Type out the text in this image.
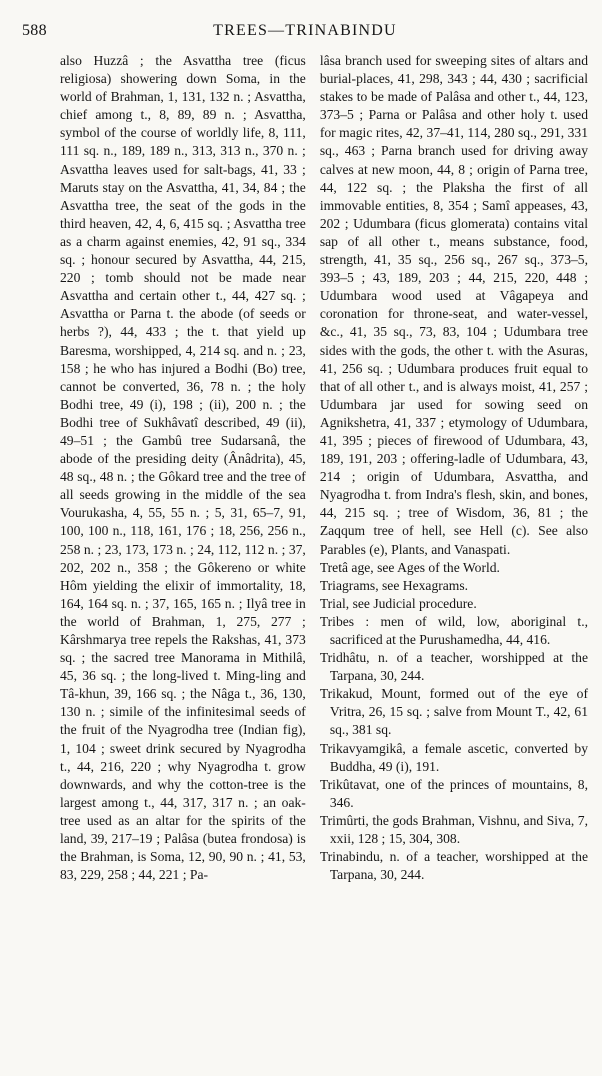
588	TREES—TRINABINDU

also Huzzâ ; the Asvattha tree (ficus religiosa) showering down Soma, in the world of Brahman, 1, 131, 132 n. ; Asvattha, chief among t., 8, 89, 89 n. ; Asvattha, symbol of the course of worldly life, 8, 111, 111 sq. n., 189, 189 n., 313, 313 n., 370 n. ; Asvattha leaves used for salt-bags, 41, 33 ; Maruts stay on the Asvattha, 41, 34, 84 ; the Asvattha tree, the seat of the gods in the third heaven, 42, 4, 6, 415 sq. ; Asvattha tree as a charm against enemies, 42, 91 sq., 334 sq. ; honour secured by Asvattha, 44, 215, 220 ; tomb should not be made near Asvattha and certain other t., 44, 427 sq. ; Asvattha or Parna t. the abode (of seeds or herbs ?), 44, 433 ; the t. that yield up Baresma, worshipped, 4, 214 sq. and n. ; 23, 158 ; he who has injured a Bodhi (Bo) tree, cannot be converted, 36, 78 n. ; the holy Bodhi tree, 49 (i), 198 ; (ii), 200 n. ; the Bodhi tree of Sukhâvatî described, 49 (ii), 49–51 ; the Gambû tree Sudarsanâ, the abode of the presiding deity (Ânâdrita), 45, 48 sq., 48 n. ; the Gôkard tree and the tree of all seeds growing in the middle of the sea Vourukasha, 4, 55, 55 n. ; 5, 31, 65–7, 91, 100, 100 n., 118, 161, 176 ; 18, 256, 256 n., 258 n. ; 23, 173, 173 n. ; 24, 112, 112 n. ; 37, 202, 202 n., 358 ; the Gôkereno or white Hôm yielding the elixir of immortality, 18, 164, 164 sq. n. ; 37, 165, 165 n. ; Ilyâ tree in the world of Brahman, 1, 275, 277 ; Kârshmarya tree repels the Rakshas, 41, 373 sq. ; the sacred tree Manorama in Mithilâ, 45, 36 sq. ; the long-lived t. Ming-ling and Tâ-khun, 39, 166 sq. ; the Nâga t., 36, 130, 130 n. ; simile of the infinitesimal seeds of the fruit of the Nyagrodha tree (Indian fig), 1, 104 ; sweet drink secured by Nyagrodha t., 44, 216, 220 ; why Nyagrodha t. grow downwards, and why the cotton-tree is the largest among t., 44, 317, 317 n. ; an oak-tree used as an altar for the spirits of the land, 39, 217–19 ; Palâsa (butea frondosa) is the Brahman, is Soma, 12, 90, 90 n. ; 41, 53, 83, 229, 258 ; 44, 221 ; Pa-

lâsa branch used for sweeping sites of altars and burial-places, 41, 298, 343 ; 44, 430 ; sacrificial stakes to be made of Palâsa and other t., 44, 123, 373–5 ; Parna or Palâsa and other holy t. used for magic rites, 42, 37–41, 114, 280 sq., 291, 331 sq., 463 ; Parna branch used for driving away calves at new moon, 44, 8 ; origin of Parna tree, 44, 122 sq. ; the Plaksha the first of all immovable entities, 8, 354 ; Samî appeases, 43, 202 ; Udumbara (ficus glomerata) contains vital sap of all other t., means substance, food, strength, 41, 35 sq., 256 sq., 267 sq., 373–5, 393–5 ; 43, 189, 203 ; 44, 215, 220, 448 ; Udumbara wood used at Vâgapeya and coronation for throne-seat, and water-vessel, &c., 41, 35 sq., 73, 83, 104 ; Udumbara tree sides with the gods, the other t. with the Asuras, 41, 256 sq. ; Udumbara produces fruit equal to that of all other t., and is always moist, 41, 257 ; Udumbara jar used for sowing seed on Agnikshetra, 41, 337 ; etymology of Udumbara, 41, 395 ; pieces of firewood of Udumbara, 43, 189, 191, 203 ; offering-ladle of Udumbara, 43, 214 ; origin of Udumbara, Asvattha, and Nyagrodha t. from Indra's flesh, skin, and bones, 44, 215 sq. ; tree of Wisdom, 36, 81 ; the Zaqqum tree of hell, see Hell (c). See also Parables (e), Plants, and Vanaspati.

Tretâ age, see Ages of the World.

Triagrams, see Hexagrams.

Trial, see Judicial procedure.

Tribes : men of wild, low, aboriginal t., sacrificed at the Purushamedha, 44, 416.

Tridhâtu, n. of a teacher, worshipped at the Tarpana, 30, 244.

Trikakud, Mount, formed out of the eye of Vritra, 26, 15 sq. ; salve from Mount T., 42, 61 sq., 381 sq.

Trikavyamgikâ, a female ascetic, converted by Buddha, 49 (i), 191.

Trikûtavat, one of the princes of mountains, 8, 346.

Trimûrti, the gods Brahman, Vishnu, and Siva, 7, xxii, 128 ; 15, 304, 308.

Trinabindu, n. of a teacher, worshipped at the Tarpana, 30, 244.
